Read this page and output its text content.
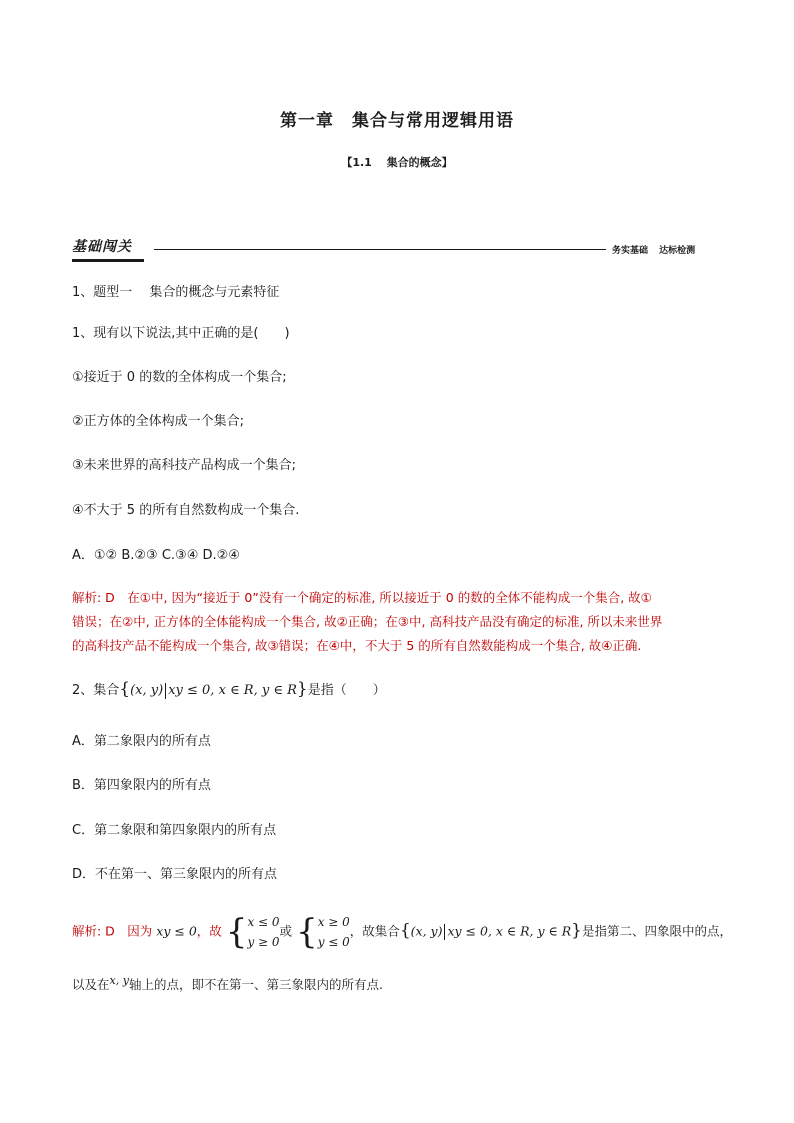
第一章　集合与常用逻辑用语
【1.1　 集合的概念】
基础闯关	务实基础 达标检测
1、题型一　 集合的概念与元素特征
1、现有以下说法,其中正确的是(　　)
①接近于 0 的数的全体构成一个集合;
②正方体的全体构成一个集合;
③未来世界的高科技产品构成一个集合;
④不大于 5 的所有自然数构成一个集合.
A．①② B.②③ C.③④ D.②④
解析: D　在①中, 因为“接近于 0”没有一个确定的标准, 所以接近于 0 的数的全体不能构成一个集合, 故①
错误；在②中, 正方体的全体能构成一个集合, 故②正确；在③中, 高科技产品没有确定的标准, 所以未来世界
的高科技产品不能构成一个集合, 故③错误；在④中，不大于 5 的所有自然数能构成一个集合, 故④正确.
2、集合{(x, y) xy ≤ 0, x ∈ R, y ∈ R}是指（　　）
A．第二象限内的所有点
B．第四象限内的所有点
C．第二象限和第四象限内的所有点
D．不在第一、第三象限内的所有点
解析: D　因为 xy ≤ 0，故 { x ≤ 0
y ≥ 0
或 { x ≥ 0
y ≤ 0
，故集合{(x, y) xy ≤ 0, x ∈ R, y ∈ R}是指第二、四象限中的点，
以及在$^{x, y}$轴上的点，即不在第一、第三象限内的所有点.
